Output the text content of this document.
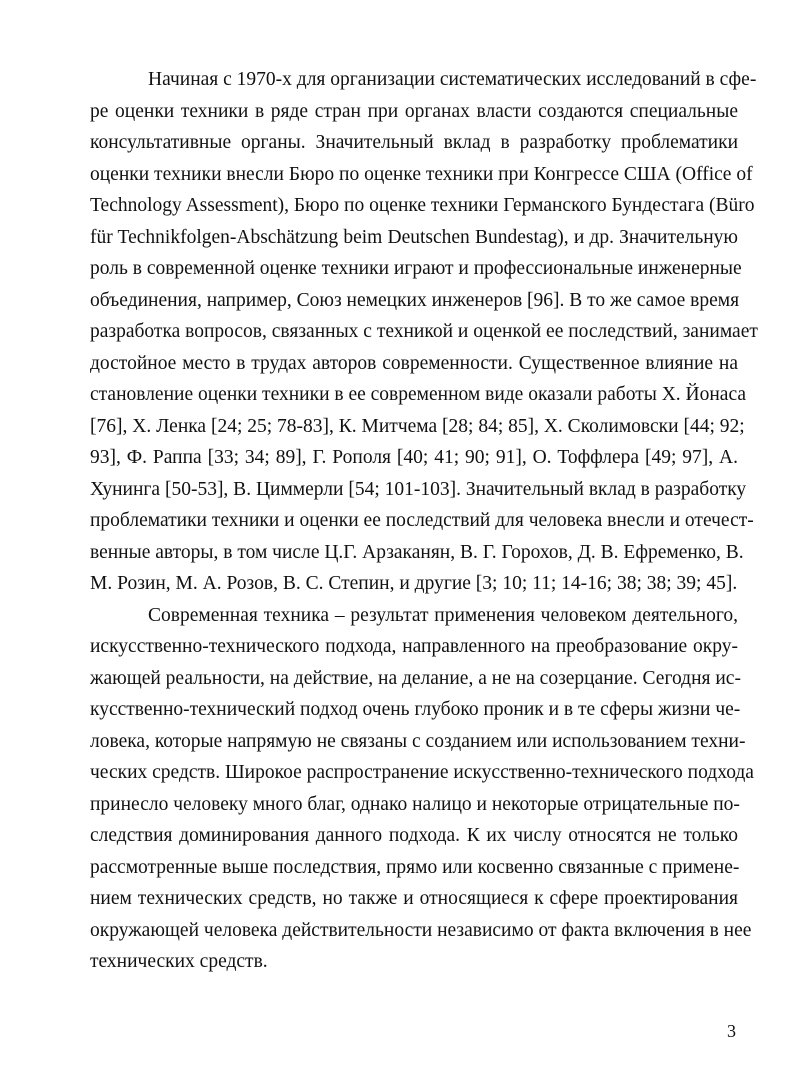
Начиная с 1970-х для организации систематических исследований в сфе-
ре оценки техники в ряде стран при органах власти создаются специальные
консультативные органы. Значительный вклад в разработку проблематики
оценки техники внесли Бюро по оценке техники при Конгрессе США (Office of
Technology Assessment), Бюро по оценке техники Германского Бундестага (Büro
für Technikfolgen-Abschätzung beim Deutschen Bundestag), и др. Значительную
роль в современной оценке техники играют и профессиональные инженерные
объединения, например, Союз немецких инженеров [96]. В то же самое время
разработка вопросов, связанных с техникой и оценкой ее последствий, занимает
достойное место в трудах авторов современности. Существенное влияние на
становление оценки техники в ее современном виде оказали работы Х. Йонаса
[76], Х. Ленка [24; 25; 78-83], К. Митчема [28; 84; 85], Х. Сколимовски [44; 92;
93], Ф. Раппа [33; 34; 89], Г. Рополя [40; 41; 90; 91], О. Тоффлера [49; 97], А.
Хунинга [50-53], В. Циммерли [54; 101-103]. Значительный вклад в разработку
проблематики техники и оценки ее последствий для человека внесли и отечест-
венные авторы, в том числе Ц.Г. Арзаканян, В. Г. Горохов, Д. В. Ефременко, В.
М. Розин, М. А. Розов, В. С. Степин, и другие [3; 10; 11; 14-16; 38; 38; 39; 45].
Современная техника – результат применения человеком деятельного,
искусственно-технического подхода, направленного на преобразование окру-
жающей реальности, на действие, на делание, а не на созерцание. Сегодня ис-
кусственно-технический подход очень глубоко проник и в те сферы жизни че-
ловека, которые напрямую не связаны с созданием или использованием техни-
ческих средств. Широкое распространение искусственно-технического подхода
принесло человеку много благ, однако налицо и некоторые отрицательные по-
следствия доминирования данного подхода. К их числу относятся не только
рассмотренные выше последствия, прямо или косвенно связанные с примене-
нием технических средств, но также и относящиеся к сфере проектирования
окружающей человека действительности независимо от факта включения в нее
технических средств.
3
